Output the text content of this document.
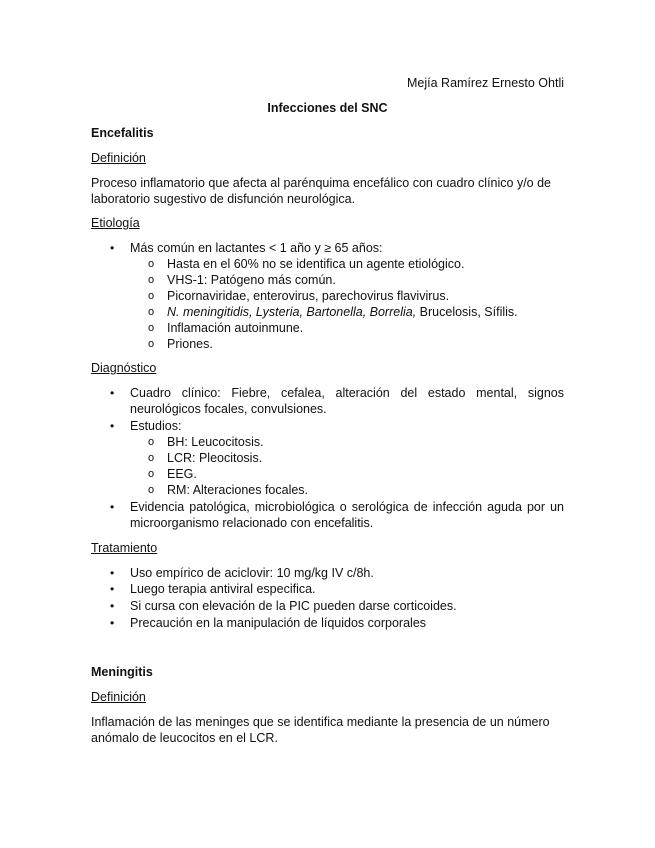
Mejía Ramírez Ernesto Ohtli
Infecciones del SNC
Encefalitis
Definición
Proceso inflamatorio que afecta al parénquima encefálico con cuadro clínico y/o de laboratorio sugestivo de disfunción neurológica.
Etiología
• Más común en lactantes < 1 año y ≥ 65 años:
o Hasta en el 60% no se identifica un agente etiológico.
o VHS-1: Patógeno más común.
o Picornaviridae, enterovirus, parechovirus flavivirus.
o N. meningitidis, Lysteria, Bartonella, Borrelia, Brucelosis, Sífilis.
o Inflamación autoinmune.
o Priones.
Diagnóstico
• Cuadro clínico: Fiebre, cefalea, alteración del estado mental, signos neurológicos focales, convulsiones.
• Estudios:
o BH: Leucocitosis.
o LCR: Pleocitosis.
o EEG.
o RM: Alteraciones focales.
• Evidencia patológica, microbiológica o serológica de infección aguda por un microorganismo relacionado con encefalitis.
Tratamiento
• Uso empírico de aciclovir: 10 mg/kg IV c/8h.
• Luego terapia antiviral especifica.
• Si cursa con elevación de la PIC pueden darse corticoides.
• Precaución en la manipulación de líquidos corporales
Meningitis
Definición
Inflamación de las meninges que se identifica mediante la presencia de un número anómalo de leucocitos en el LCR.
